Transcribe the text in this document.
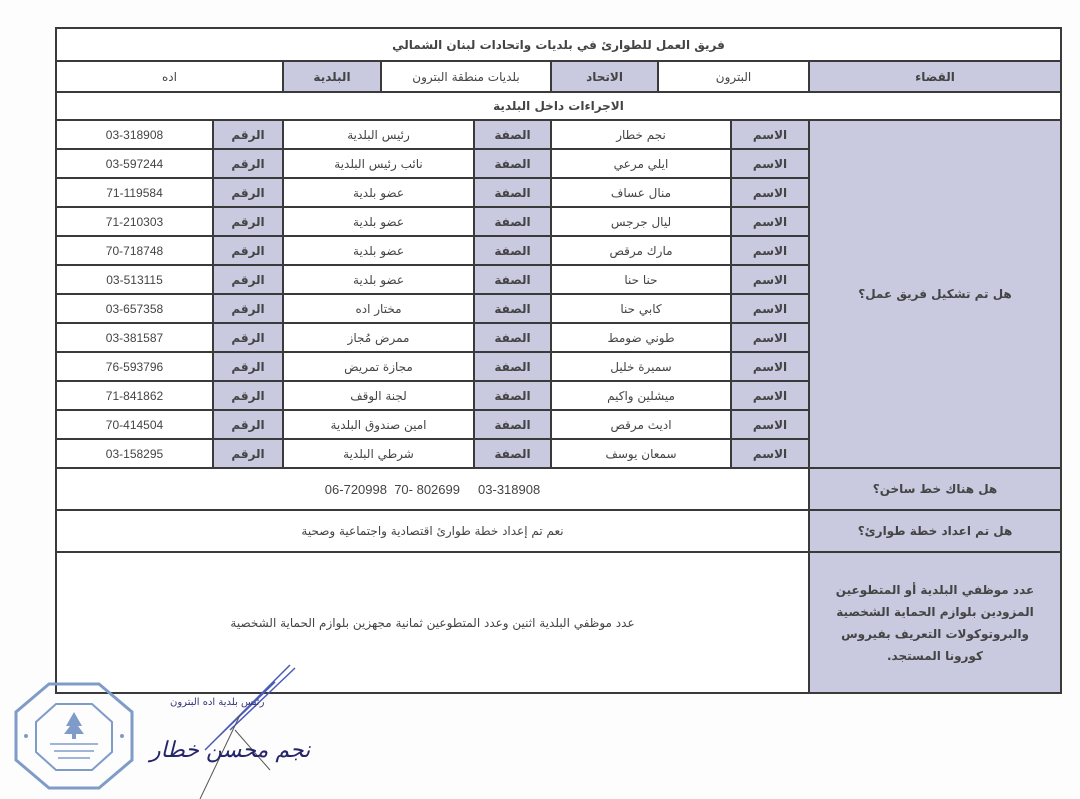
فريق العمل للطوارئ في بلديات واتحادات لبنان الشمالي
اده	البلدية	بلديات منطقة البترون	الاتحاد	البترون	القضاء
الاجراءات داخل البلدية
03-318908	الرقم	رئيس البلدية	الصفة	نجم خطار	الاسم	هل تم تشكيل فريق عمل؟
03-597244	الرقم	نائب رئيس البلدية	الصفة	ايلي مرعي	الاسم	
71-119584	الرقم	عضو بلدية	الصفة	منال عساف	الاسم	
71-210303	الرقم	عضو بلدية	الصفة	ليال جرجس	الاسم	
70-718748	الرقم	عضو بلدية	الصفة	مارك مرقص	الاسم	
03-513115	الرقم	عضو بلدية	الصفة	حنا حنا	الاسم	
03-657358	الرقم	مختار اده	الصفة	كابي حنا	الاسم	
03-381587	الرقم	ممرض مُجاز	الصفة	طوني ضومط	الاسم	
76-593796	الرقم	مجازة تمريض	الصفة	سميرة خليل	الاسم	
71-841862	الرقم	لجنة الوقف	الصفة	ميشلين واكيم	الاسم	
70-414504	الرقم	امين صندوق البلدية	الصفة	اديث مرقص	الاسم	
03-158295	الرقم	شرطي البلدية	الصفة	سمعان يوسف	الاسم	
06-720998  70- 802699     03-318908	هل هناك خط ساخن؟
نعم تم إعداد خطة طوارئ اقتصادية واجتماعية وصحية	هل تم اعداد خطة طوارئ؟
عدد موظفي البلدية اثنين وعدد المتطوعين ثمانية مجهزين بلوازم الحماية الشخصية	عدد موظفي البلدية أو المتطوعين المزودين بلوازم الحماية الشخصية والبروتوكولات التعريف بفيروس كورونا المستجد.
رئيس بلدية اده البترون
نجم محسن خطار
